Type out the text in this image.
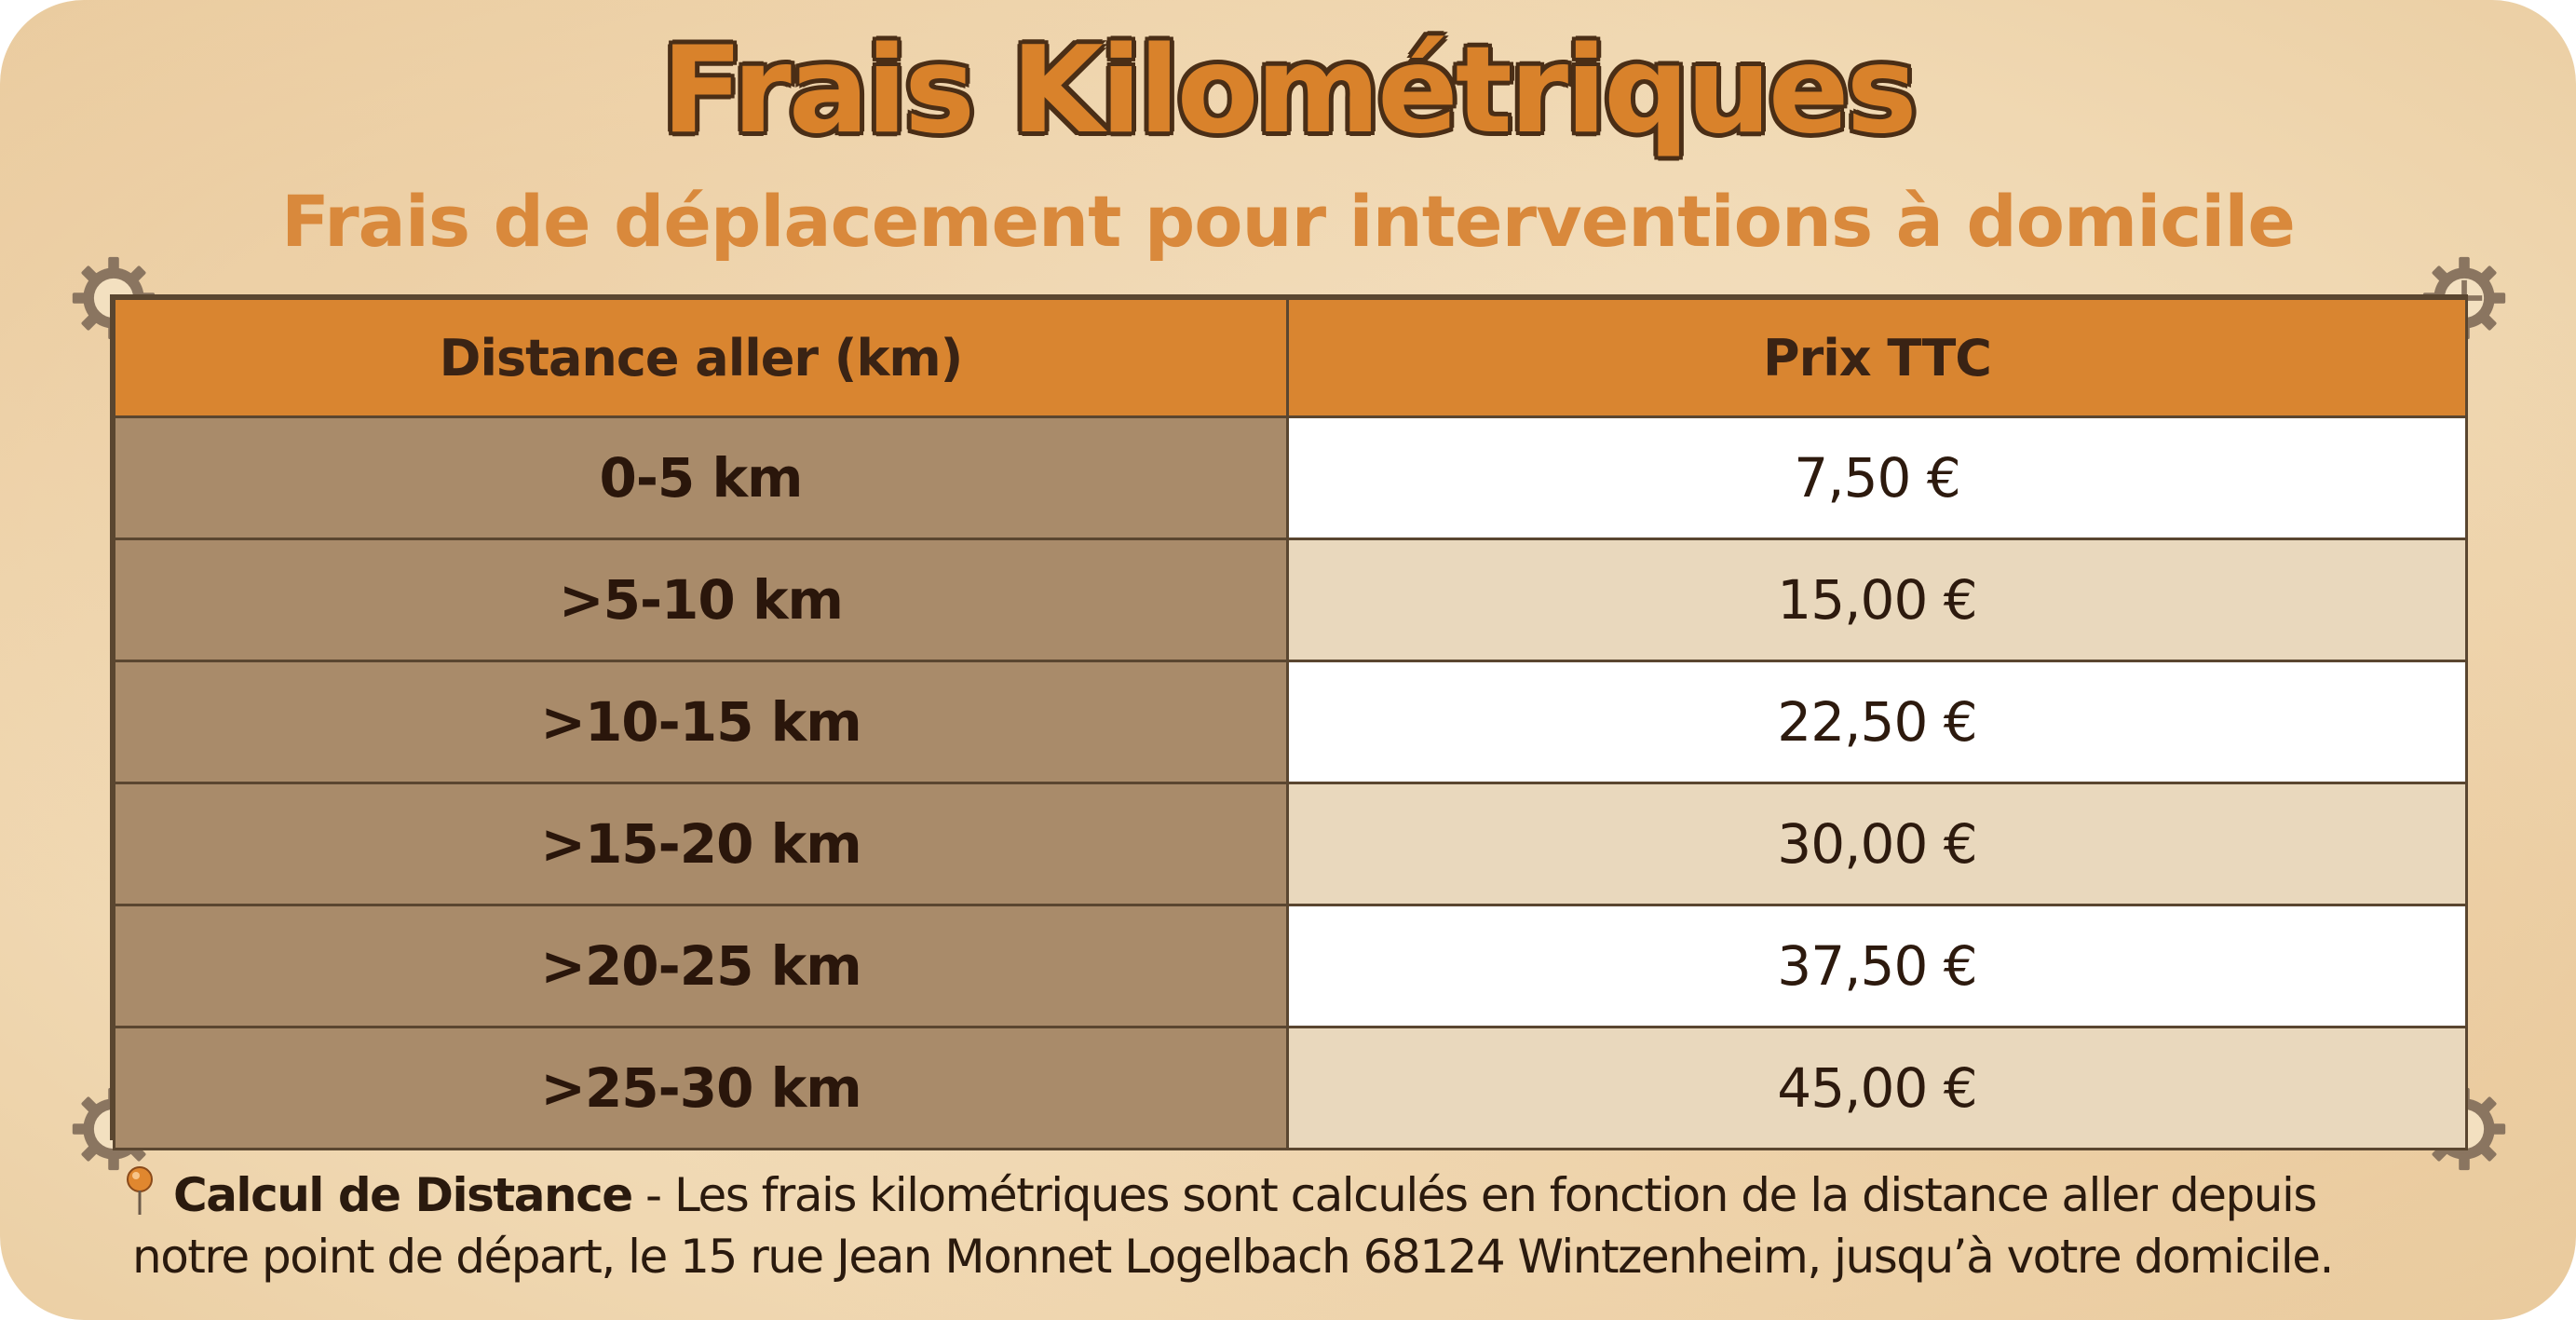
Frais Kilométriques
Frais de déplacement pour interventions à domicile
Distance aller (km)	Prix TTC
0-5 km	7,50 €
>5-10 km	15,00 €
>10-15 km	22,50 €
>15-20 km	30,00 €
>20-25 km	37,50 €
>25-30 km	45,00 €
Calcul de Distance - Les frais kilométriques sont calculés en fonction de la distance aller depuis
notre point de départ, le 15 rue Jean Monnet Logelbach 68124 Wintzenheim, jusqu’à votre domicile.
